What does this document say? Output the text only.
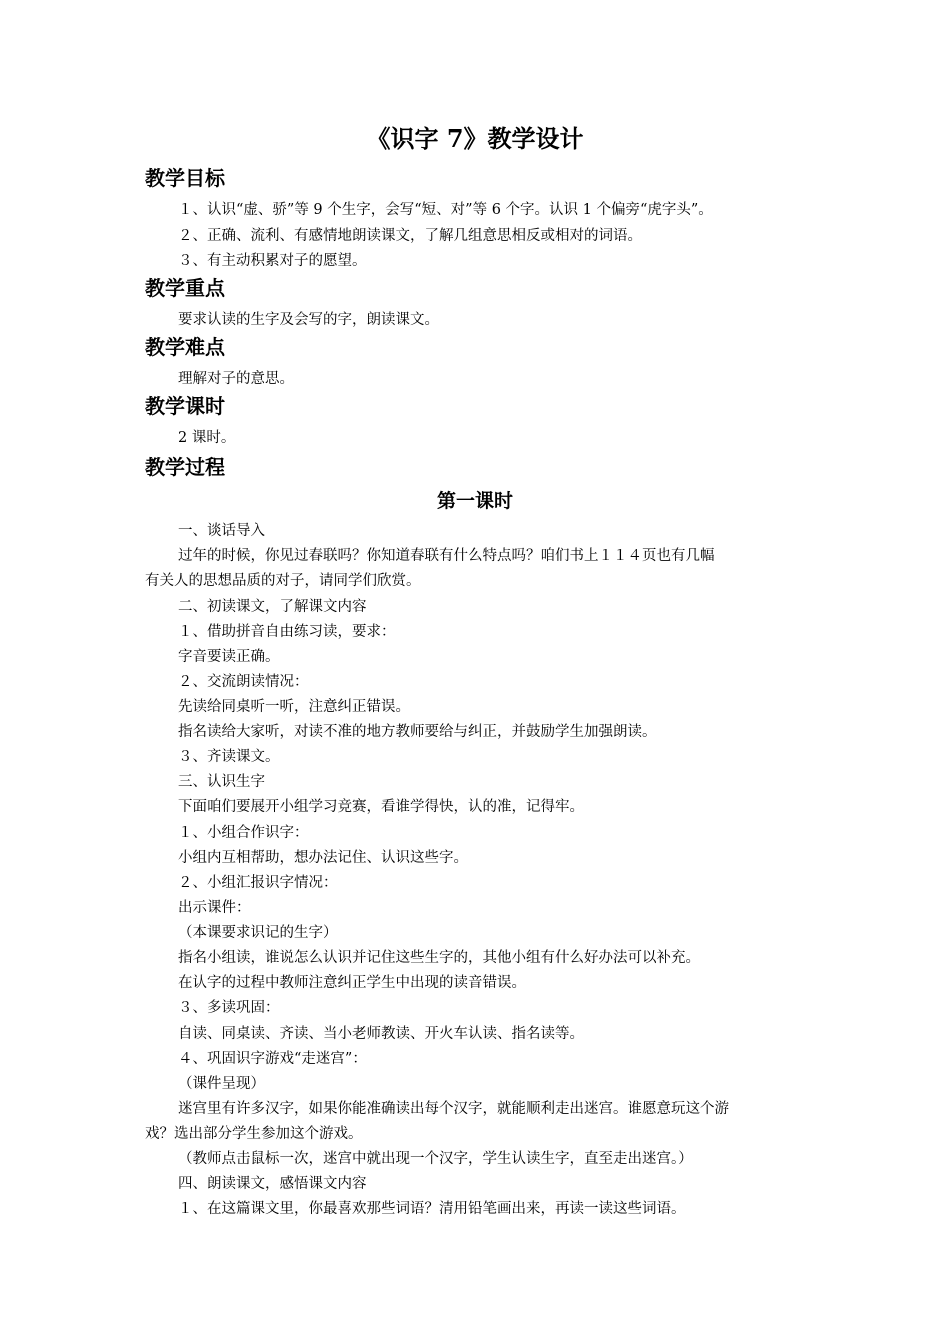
《识字 7》教学设计
教学目标
１、认识“虚、骄”等 9 个生字，会写“短、对”等 6 个字。认识 1 个偏旁“虎字头”。
２、正确、流利、有感情地朗读课文，了解几组意思相反或相对的词语。
３、有主动积累对子的愿望。
教学重点
要求认读的生字及会写的字，朗读课文。
教学难点
理解对子的意思。
教学课时
2 课时。
教学过程
第一课时
一、谈话导入
过年的时候，你见过春联吗？你知道春联有什么特点吗？咱们书上１１４页也有几幅
有关人的思想品质的对子，请同学们欣赏。
二、初读课文，了解课文内容
１、借助拼音自由练习读，要求：
字音要读正确。
２、交流朗读情况：
先读给同桌听一听，注意纠正错误。
指名读给大家听，对读不准的地方教师要给与纠正，并鼓励学生加强朗读。
３、齐读课文。
三、认识生字
下面咱们要展开小组学习竞赛，看谁学得快，认的准，记得牢。
１、小组合作识字：
小组内互相帮助，想办法记住、认识这些字。
２、小组汇报识字情况：
出示课件：
（本课要求识记的生字）
指名小组读，谁说怎么认识并记住这些生字的，其他小组有什么好办法可以补充。
在认字的过程中教师注意纠正学生中出现的读音错误。
３、多读巩固：
自读、同桌读、齐读、当小老师教读、开火车认读、指名读等。
４、巩固识字游戏“走迷宫”：
（课件呈现）
迷宫里有许多汉字，如果你能准确读出每个汉字，就能顺利走出迷宫。谁愿意玩这个游
戏？选出部分学生参加这个游戏。
（教师点击鼠标一次，迷宫中就出现一个汉字，学生认读生字，直至走出迷宫。）
四、朗读课文，感悟课文内容
１、在这篇课文里，你最喜欢那些词语？清用铅笔画出来，再读一读这些词语。
